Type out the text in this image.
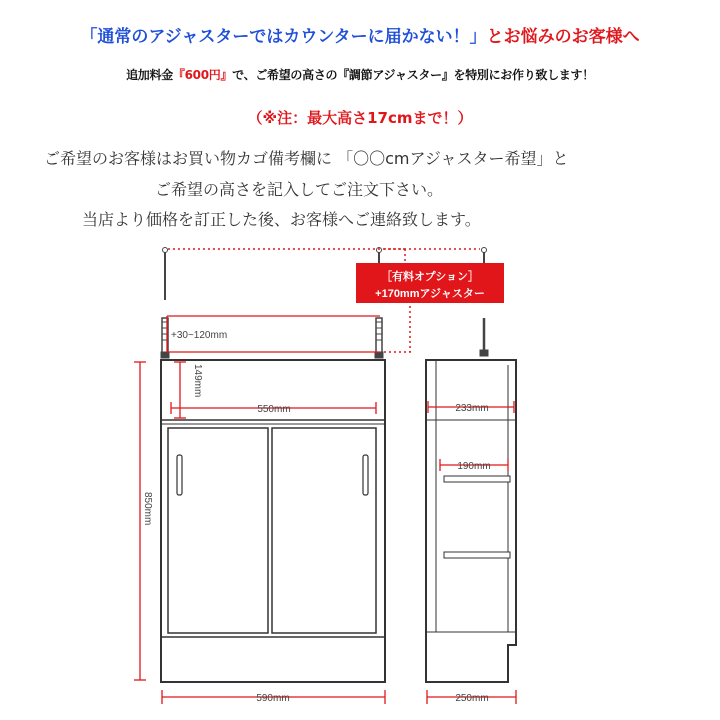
「通常のアジャスターではカウンターに届かない！」とお悩みのお客様へ
追加料金『600円』で、ご希望の高さの『調節アジャスター』を特別にお作り致します！
（※注：最大高さ17cmまで！）
ご希望のお客様はお買い物カゴ備考欄に 「〇〇cmアジャスター希望」と
ご希望の高さを記入してご注文下さい。
当店より価格を訂正した後、お客様へご連絡致します。
［有料オプション］
+170mmアジャスター
+30~120mm
149mm
550mm
850mm
590mm
233mm
190mm
250mm
